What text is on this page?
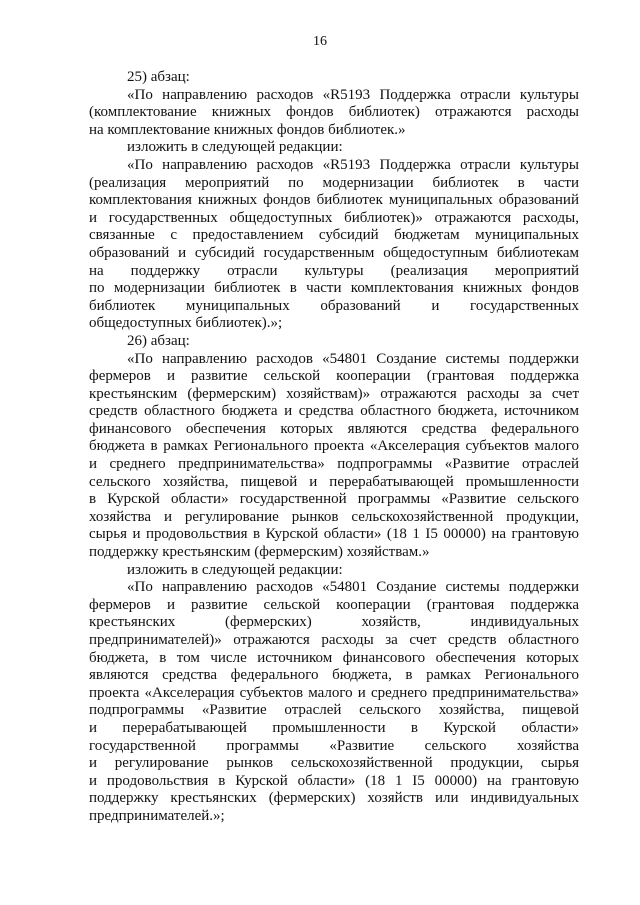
16
25) абзац:
«По направлению расходов «R5193 Поддержка отрасли культуры
(комплектование книжных фондов библиотек) отражаются расходы
на комплектование книжных фондов библиотек.»
изложить в следующей редакции:
«По направлению расходов «R5193 Поддержка отрасли культуры
(реализация мероприятий по модернизации библиотек в части
комплектования книжных фондов библиотек муниципальных образований
и государственных общедоступных библиотек)» отражаются расходы,
связанные с предоставлением субсидий бюджетам муниципальных
образований и субсидий государственным общедоступным библиотекам
на поддержку отрасли культуры (реализация мероприятий
по модернизации библиотек в части комплектования книжных фондов
библиотек муниципальных образований и государственных
общедоступных библиотек).»;
26) абзац:
«По направлению расходов «54801 Создание системы поддержки
фермеров и развитие сельской кооперации (грантовая поддержка
крестьянским (фермерским) хозяйствам)» отражаются расходы за счет
средств областного бюджета и средства областного бюджета, источником
финансового обеспечения которых являются средства федерального
бюджета в рамках Регионального проекта «Акселерация субъектов малого
и среднего предпринимательства» подпрограммы «Развитие отраслей
сельского хозяйства, пищевой и перерабатывающей промышленности
в Курской области» государственной программы «Развитие сельского
хозяйства и регулирование рынков сельскохозяйственной продукции,
сырья и продовольствия в Курской области» (18 1 I5 00000) на грантовую
поддержку крестьянским (фермерским) хозяйствам.»
изложить в следующей редакции:
«По направлению расходов «54801 Создание системы поддержки
фермеров и развитие сельской кооперации (грантовая поддержка
крестьянских (фермерских) хозяйств, индивидуальных
предпринимателей)» отражаются расходы за счет средств областного
бюджета, в том числе источником финансового обеспечения которых
являются средства федерального бюджета, в рамках Регионального
проекта «Акселерация субъектов малого и среднего предпринимательства»
подпрограммы «Развитие отраслей сельского хозяйства, пищевой
и перерабатывающей промышленности в Курской области»
государственной программы «Развитие сельского хозяйства
и регулирование рынков сельскохозяйственной продукции, сырья
и продовольствия в Курской области» (18 1 I5 00000) на грантовую
поддержку крестьянских (фермерских) хозяйств или индивидуальных
предпринимателей.»;
